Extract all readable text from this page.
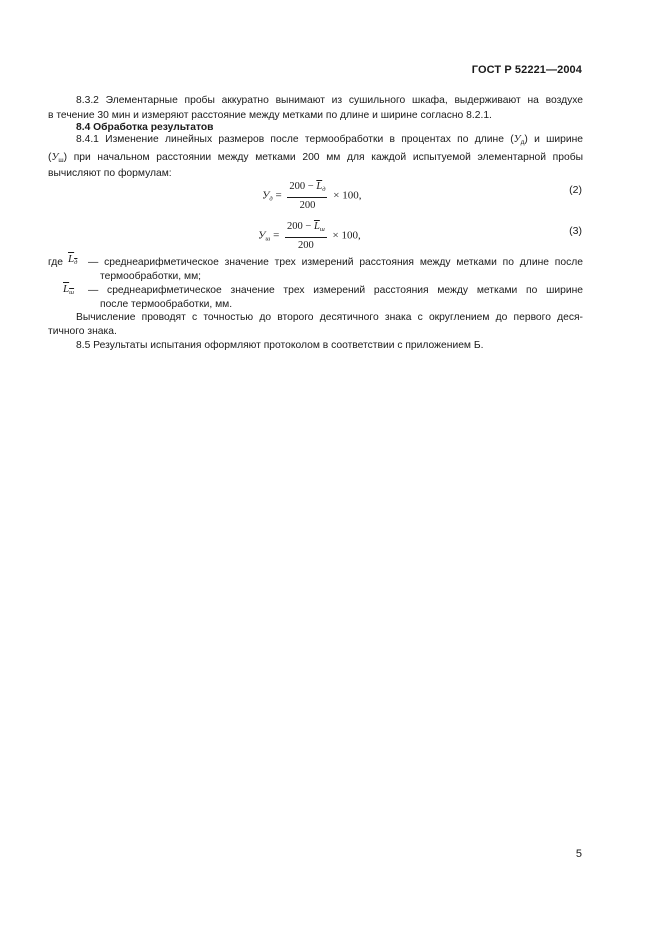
ГОСТ Р 52221—2004
8.3.2 Элементарные пробы аккуратно вынимают из сушильного шкафа, выдерживают на воздухе
в течение 30 мин и измеряют расстояние между метками по длине и ширине согласно 8.2.1.
8.4 Обработка результатов
8.4.1 Изменение линейных размеров после термообработки в процентах по длине $(У_д)$ и ширине
$(У_ш)$ при начальном расстоянии между метками 200 мм для каждой испытуемой элементарной пробы
вычисляют по формулам:
$У_д = \frac{200 - \overline{L}_д}{200} \times 100$,	(2)
$У_ш = \frac{200 - \overline{L}_ш}{200} \times 100$,	(3)
где $L_д$ — среднеарифметическое значение трех измерений расстояния между метками по длине после
термообработки, мм;
$L_ш$ — среднеарифметическое значение трех измерений расстояния между метками по ширине
после термообработки, мм.
Вычисление проводят с точностью до второго десятичного знака с округлением до первого деся-
тичного знака.
8.5 Результаты испытания оформляют протоколом в соответствии с приложением Б.
5
